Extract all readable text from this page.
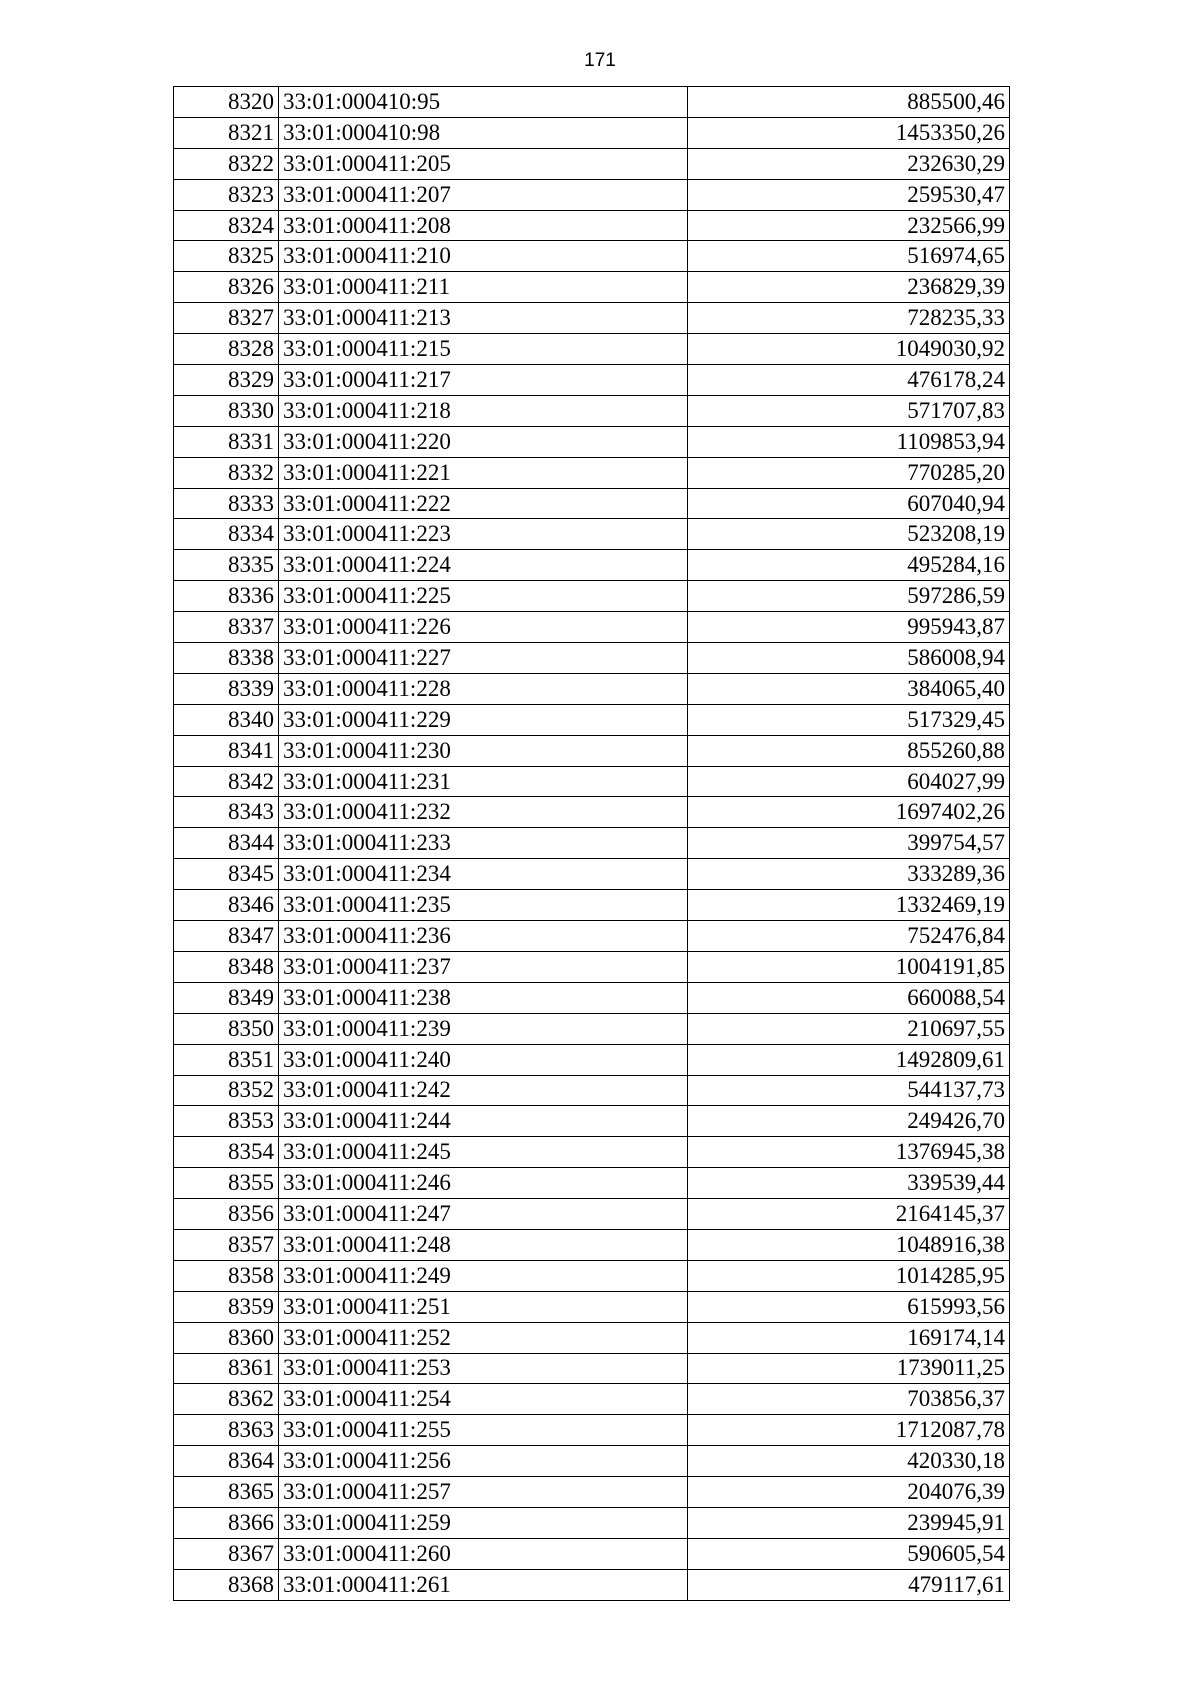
171
8320	33:01:000410:95	885500,46
8321	33:01:000410:98	1453350,26
8322	33:01:000411:205	232630,29
8323	33:01:000411:207	259530,47
8324	33:01:000411:208	232566,99
8325	33:01:000411:210	516974,65
8326	33:01:000411:211	236829,39
8327	33:01:000411:213	728235,33
8328	33:01:000411:215	1049030,92
8329	33:01:000411:217	476178,24
8330	33:01:000411:218	571707,83
8331	33:01:000411:220	1109853,94
8332	33:01:000411:221	770285,20
8333	33:01:000411:222	607040,94
8334	33:01:000411:223	523208,19
8335	33:01:000411:224	495284,16
8336	33:01:000411:225	597286,59
8337	33:01:000411:226	995943,87
8338	33:01:000411:227	586008,94
8339	33:01:000411:228	384065,40
8340	33:01:000411:229	517329,45
8341	33:01:000411:230	855260,88
8342	33:01:000411:231	604027,99
8343	33:01:000411:232	1697402,26
8344	33:01:000411:233	399754,57
8345	33:01:000411:234	333289,36
8346	33:01:000411:235	1332469,19
8347	33:01:000411:236	752476,84
8348	33:01:000411:237	1004191,85
8349	33:01:000411:238	660088,54
8350	33:01:000411:239	210697,55
8351	33:01:000411:240	1492809,61
8352	33:01:000411:242	544137,73
8353	33:01:000411:244	249426,70
8354	33:01:000411:245	1376945,38
8355	33:01:000411:246	339539,44
8356	33:01:000411:247	2164145,37
8357	33:01:000411:248	1048916,38
8358	33:01:000411:249	1014285,95
8359	33:01:000411:251	615993,56
8360	33:01:000411:252	169174,14
8361	33:01:000411:253	1739011,25
8362	33:01:000411:254	703856,37
8363	33:01:000411:255	1712087,78
8364	33:01:000411:256	420330,18
8365	33:01:000411:257	204076,39
8366	33:01:000411:259	239945,91
8367	33:01:000411:260	590605,54
8368	33:01:000411:261	479117,61
